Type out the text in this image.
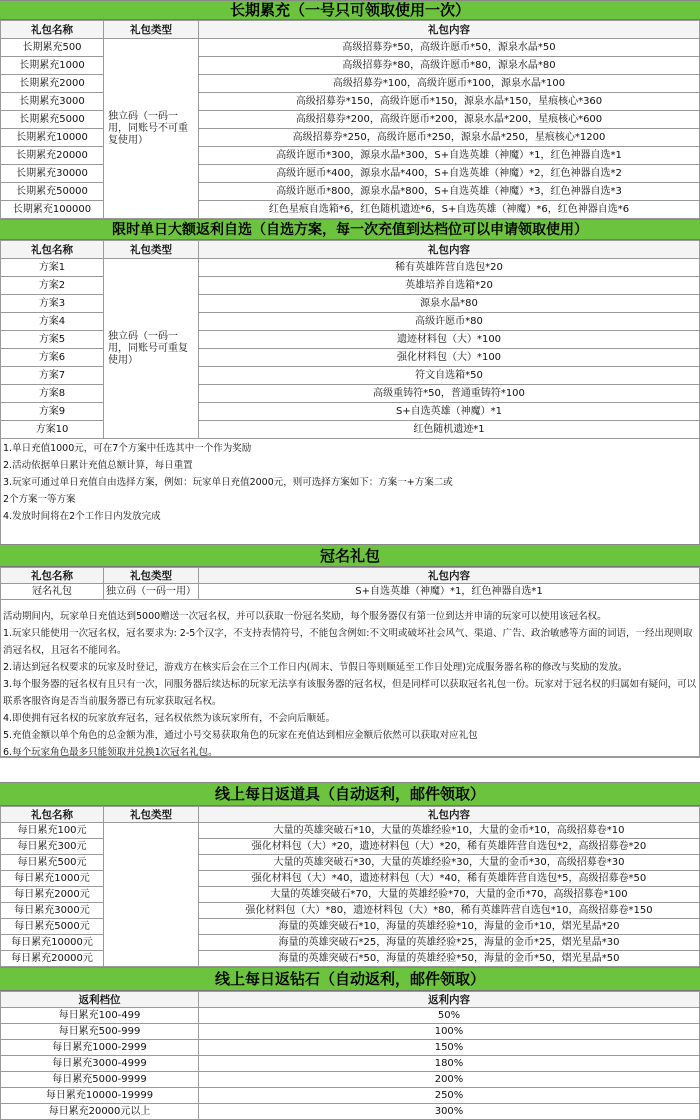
长期累充（一号只可领取使用一次）
礼包名称	礼包类型	礼包内容
长期累充500	独立码（一码一用，同账号不可重复使用）	高级招募券*50，高级许愿币*50，源泉水晶*50
长期累充1000		高级招募券*80，高级许愿币*80，源泉水晶*80
长期累充2000		高级招募券*100，高级许愿币*100，源泉水晶*100
长期累充3000		高级招募券*150，高级许愿币*150，源泉水晶*150，星痕核心*360
长期累充5000		高级招募券*200，高级许愿币*200，源泉水晶*200，星痕核心*600
长期累充10000		高级招募券*250，高级许愿币*250，源泉水晶*250，星痕核心*1200
长期累充20000		高级许愿币*300，源泉水晶*300，S+自选英雄（神魔）*1，红色神器自选*1
长期累充30000		高级许愿币*400，源泉水晶*400，S+自选英雄（神魔）*2，红色神器自选*2
长期累充50000		高级许愿币*800，源泉水晶*800，S+自选英雄（神魔）*3，红色神器自选*3
长期累充100000		红色星痕自选箱*6，红色随机遗迹*6，S+自选英雄（神魔）*6，红色神器自选*6
限时单日大额返利自选（自选方案，每一次充值到达档位可以申请领取使用）
礼包名称	礼包类型	礼包内容
方案1	独立码（一码一用，同账号可重复使用）	稀有英雄阵营自选包*20
方案2		英雄培养自选箱*20
方案3		源泉水晶*80
方案4		高级许愿币*80
方案5		遗迹材料包（大）*100
方案6		强化材料包（大）*100
方案7		符文自选箱*50
方案8		高级重铸符*50，普通重铸符*100
方案9		S+自选英雄（神魔）*1
方案10		红色随机遗迹*1
1.单日充值1000元，可在7个方案中任选其中一个作为奖励
2.活动依据单日累计充值总额计算，每日重置
3.玩家可通过单日充值自由选择方案，例如：玩家单日充值2000元，则可选择方案如下：方案一+方案二或
2个方案一等方案
4.发放时间将在2个工作日内发放完成
冠名礼包
礼包名称	礼包类型	礼包内容
冠名礼包	独立码（一码一用）	S+自选英雄（神魔）*1，红色神器自选*1
活动期间内，玩家单日充值达到5000赠送一次冠名权，并可以获取一份冠名奖励，每个服务器仅有第一位到达并申请的玩家可以使用该冠名权。
1.玩家只能使用一次冠名权，冠名要求为: 2-5个汉字，不支持表情符号，不能包含例如:不文明或破坏社会风气、渠道、广告、政治敏感等方面的词语，一经出现则取消冠名权，且冠名不能同名。
2.请达到冠名权要求的玩家及时登记，游戏方在核实后会在三个工作日内(周末、节假日等则顺延至工作日处理)完成服务器名称的修改与奖励的发放。
3.每个服务器的冠名权有且只有一次，同服务器后续达标的玩家无法享有该服务器的冠名权，但是同样可以获取冠名礼包一份。玩家对于冠名权的归属如有疑问，可以联系客服咨询是否当前服务器已有玩家获取冠名权。
4.即使拥有冠名权的玩家放弃冠名，冠名权依然为该玩家所有，不会向后顺延。
5.充值金额以单个角色的总金额为准，通过小号交易获取角色的玩家在充值达到相应金额后依然可以获取对应礼包
6.每个玩家角色最多只能领取并兑换1次冠名礼包。
线上每日返道具（自动返利，邮件领取）
礼包名称	礼包类型	礼包内容
每日累充100元		大量的英雄突破石*10，大量的英雄经验*10，大量的金币*10，高级招募卷*10
每日累充300元		强化材料包（大）*20，遗迹材料包（大）*20，稀有英雄阵营自选包*2，高级招募卷*20
每日累充500元		大量的英雄突破石*30，大量的英雄经验*30，大量的金币*30，高级招募卷*30
每日累充1000元		强化材料包（大）*40，遗迹材料包（大）*40，稀有英雄阵营自选包*5，高级招募卷*50
每日累充2000元		大量的英雄突破石*70，大量的英雄经验*70，大量的金币*70，高级招募卷*100
每日累充3000元		强化材料包（大）*80，遗迹材料包（大）*80，稀有英雄阵营自选包*10，高级招募卷*150
每日累充5000元		海量的英雄突破石*10，海量的英雄经验*10，海量的金币*10，熠光星晶*20
每日累充10000元		海量的英雄突破石*25，海量的英雄经验*25，海量的金币*25，熠光星晶*30
每日累充20000元		海量的英雄突破石*50，海量的英雄经验*50，海量的金币*50，熠光星晶*50
线上每日返钻石（自动返利，邮件领取）
返利档位	返利内容
每日累充100-499	50%
每日累充500-999	100%
每日累充1000-2999	150%
每日累充3000-4999	180%
每日累充5000-9999	200%
每日累充10000-19999	250%
每日累充20000元以上	300%
